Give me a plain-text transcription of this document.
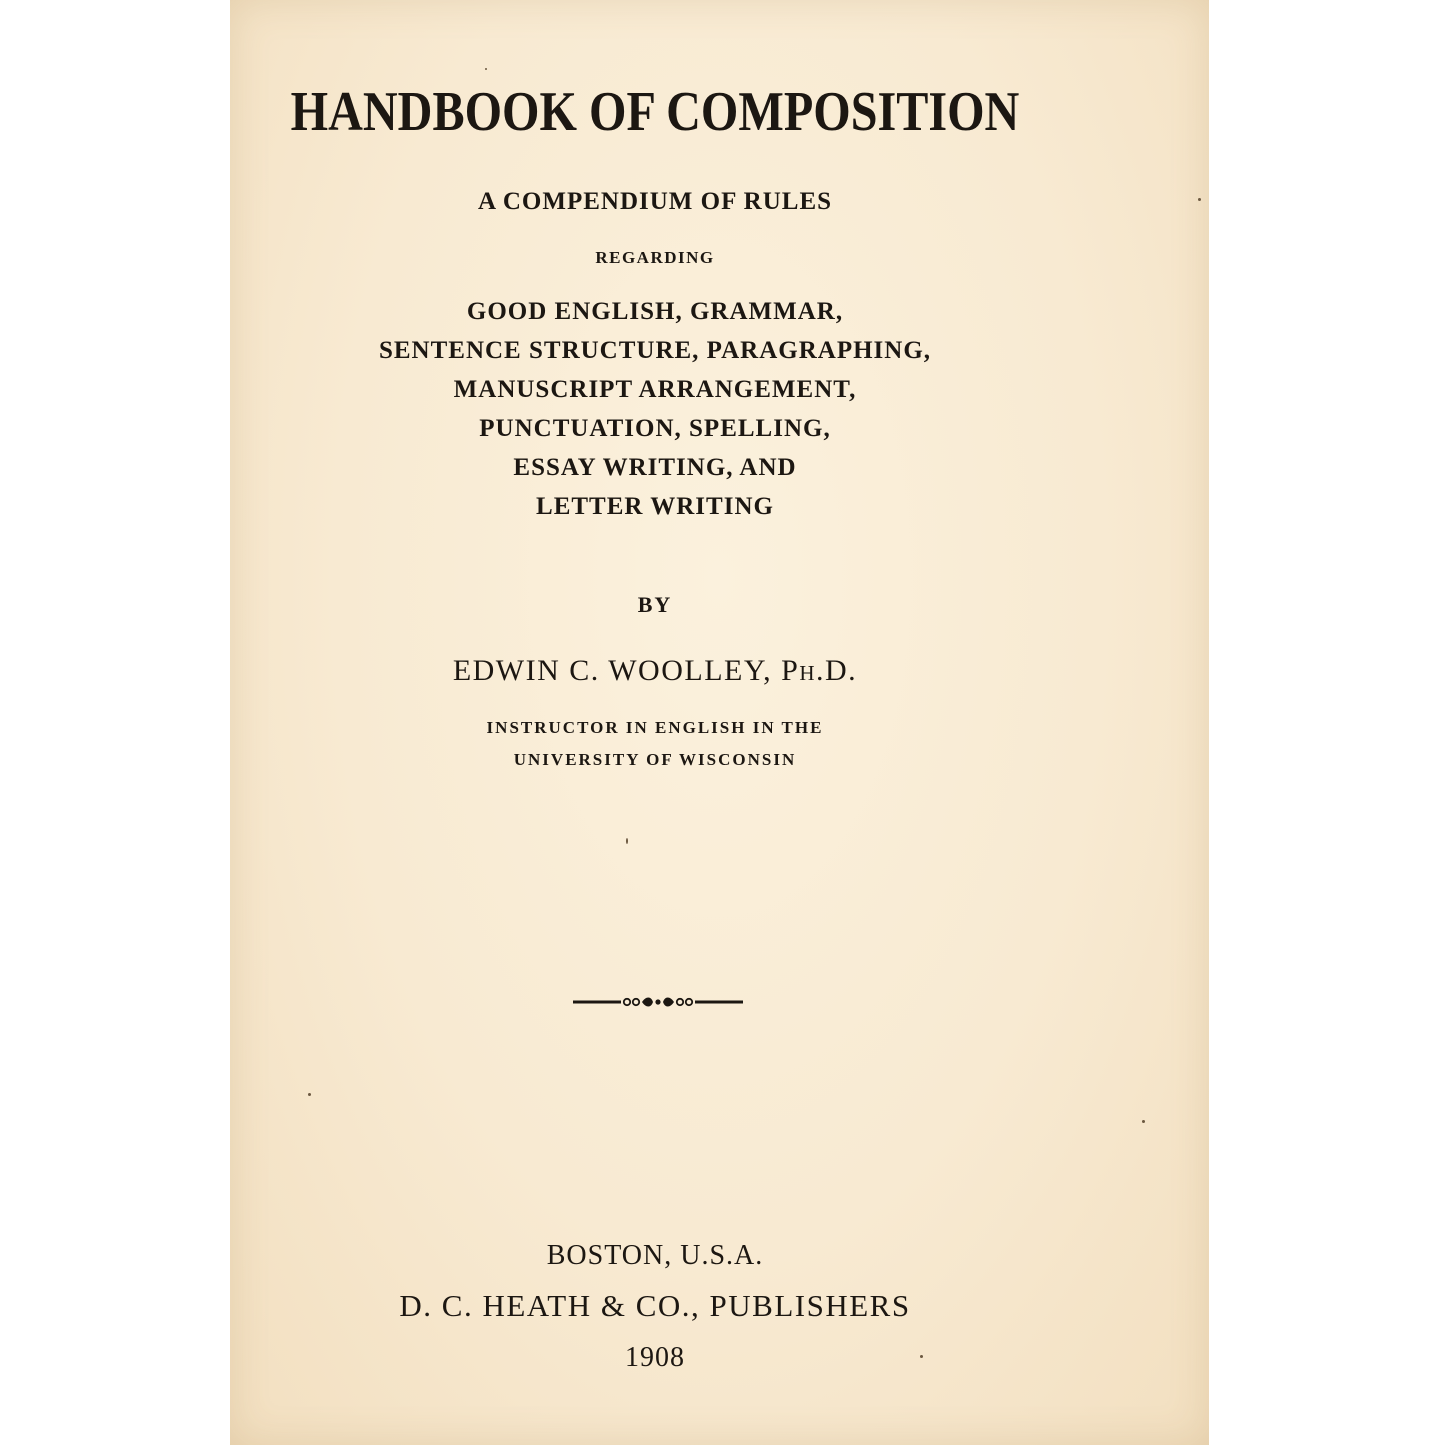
HANDBOOK OF COMPOSITION
A COMPENDIUM OF RULES
REGARDING
GOOD ENGLISH, GRAMMAR,
SENTENCE STRUCTURE, PARAGRAPHING,
MANUSCRIPT ARRANGEMENT,
PUNCTUATION, SPELLING,
ESSAY WRITING, AND
LETTER WRITING
BY
EDWIN C. WOOLLEY, Ph.D.
INSTRUCTOR IN ENGLISH IN THE
UNIVERSITY OF WISCONSIN
BOSTON, U.S.A.
D. C. HEATH & CO., PUBLISHERS
1908
